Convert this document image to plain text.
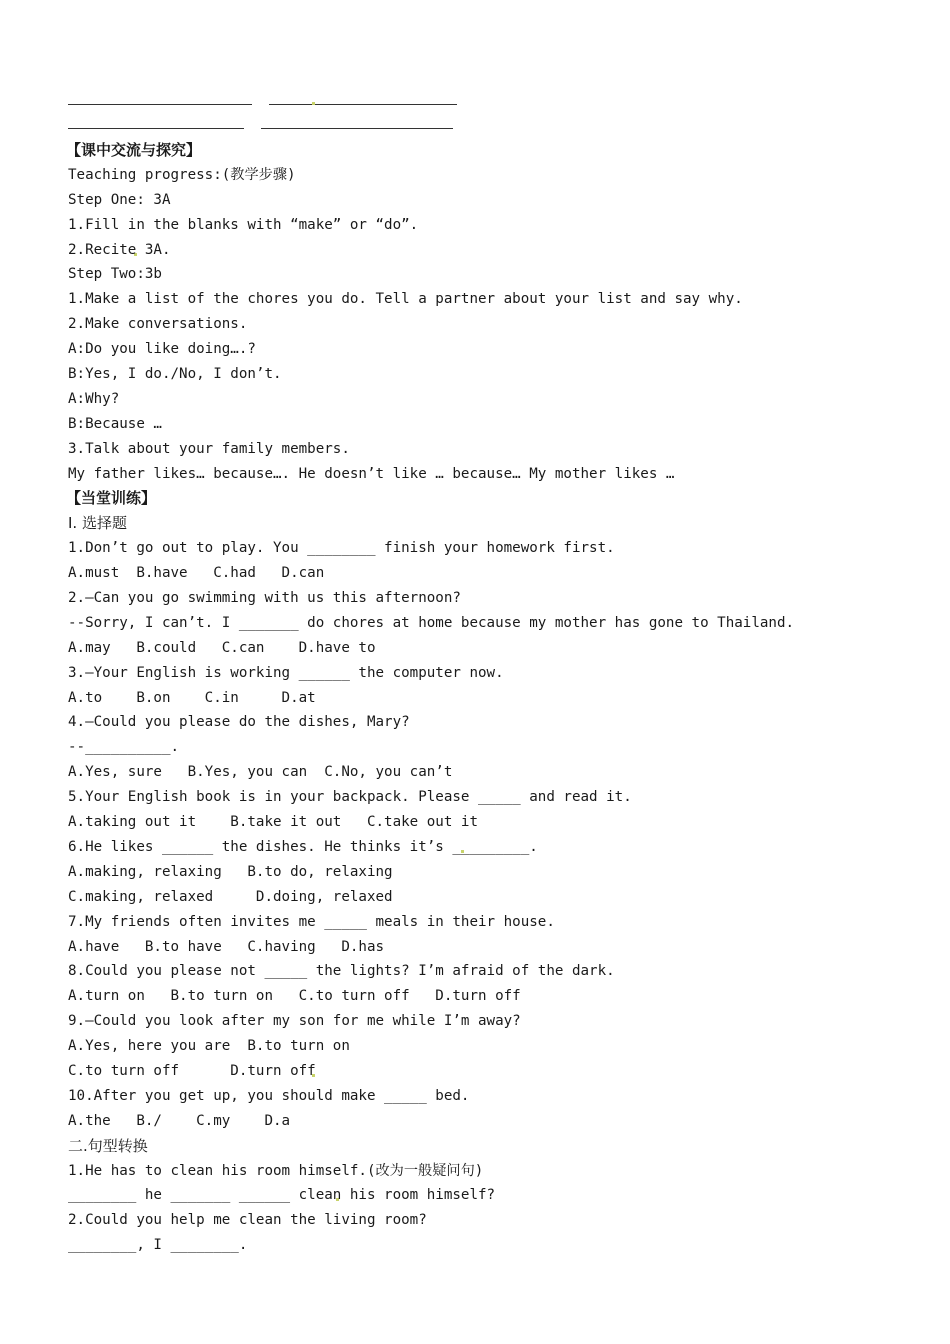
【课中交流与探究】
Teaching progress:(教学步骤)
Step One: 3A
1.Fill in the blanks with “make” or “do”.
2.Recite 3A.
Step Two:3b
1.Make a list of the chores you do. Tell a partner about your list and say why.
2.Make conversations.
A:Do you like doing….?
B:Yes, I do./No, I don’t.
A:Why?
B:Because …
3.Talk about your family members.
My father likes… because…. He doesn’t like … because… My mother likes …
【当堂训练】
I. 选择题
1.Don’t go out to play. You ________ finish your homework first.
A.must  B.have   C.had   D.can
2.—Can you go swimming with us this afternoon?
--Sorry, I can’t. I _______ do chores at home because my mother has gone to Thailand.
A.may   B.could   C.can    D.have to
3.—Your English is working ______ the computer now.
A.to    B.on    C.in     D.at
4.—Could you please do the dishes, Mary?
--__________.
A.Yes, sure   B.Yes, you can  C.No, you can’t
5.Your English book is in your backpack. Please _____ and read it.
A.taking out it    B.take it out   C.take out it
6.He likes ______ the dishes. He thinks it’s _________.
A.making, relaxing   B.to do, relaxing
C.making, relaxed     D.doing, relaxed
7.My friends often invites me _____ meals in their house.
A.have   B.to have   C.having   D.has
8.Could you please not _____ the lights? I’m afraid of the dark.
A.turn on   B.to turn on   C.to turn off   D.turn off
9.—Could you look after my son for me while I’m away?
A.Yes, here you are  B.to turn on
C.to turn off      D.turn off
10.After you get up, you should make _____ bed.
A.the   B./    C.my    D.a
二.句型转换
1.He has to clean his room himself.(改为一般疑问句)
________ he _______ ______ clean his room himself?
2.Could you help me clean the living room?
________, I ________.
